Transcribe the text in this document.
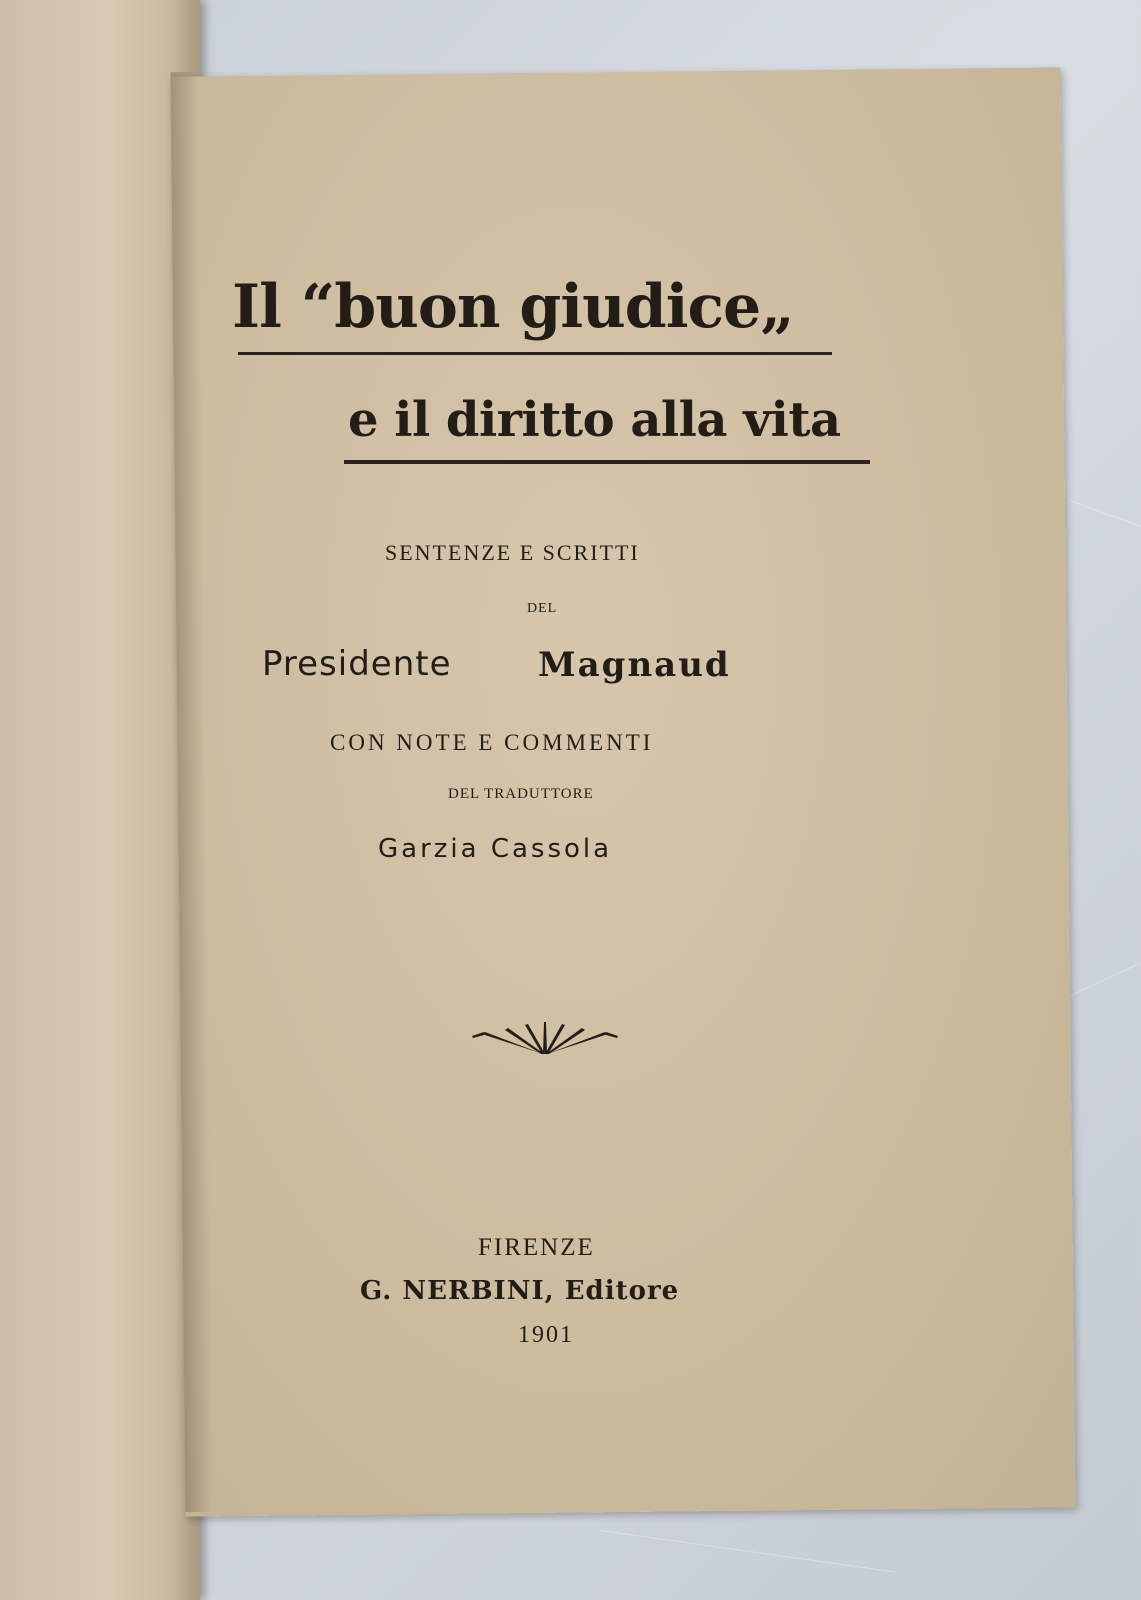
Il “buon giudice„
e il diritto alla vita
SENTENZE E SCRITTI
DEL
Presidente	Magnaud
CON NOTE E COMMENTI
DEL TRADUTTORE
Garzia Cassola
FIRENZE
G. NERBINI, Editore
1901
